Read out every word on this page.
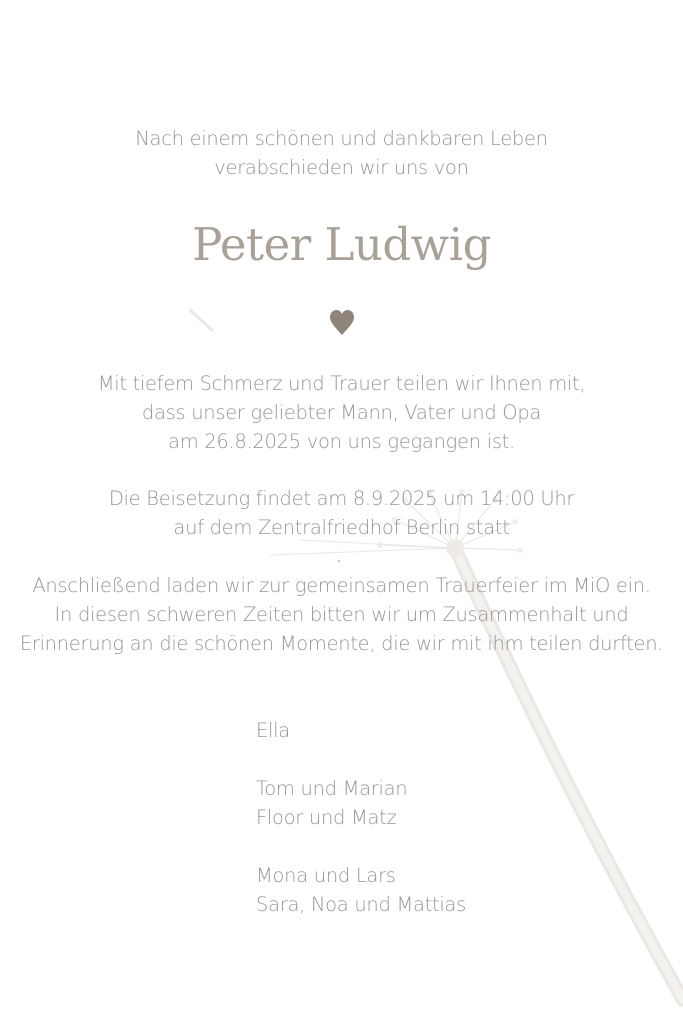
Nach einem schönen und dankbaren Leben
verabschieden wir uns von
Peter Ludwig
Mit tiefem Schmerz und Trauer teilen wir Ihnen mit,
dass unser geliebter Mann, Vater und Opa
am 26.8.2025 von uns gegangen ist.
Die Beisetzung findet am 8.9.2025 um 14:00 Uhr
auf dem Zentralfriedhof Berlin statt
Anschließend laden wir zur gemeinsamen Trauerfeier im MiO ein.
In diesen schweren Zeiten bitten wir um Zusammenhalt und
Erinnerung an die schönen Momente, die wir mit ihm teilen durften.
Ella
Tom und Marian
Floor und Matz
Mona und Lars
Sara, Noa und Mattias
